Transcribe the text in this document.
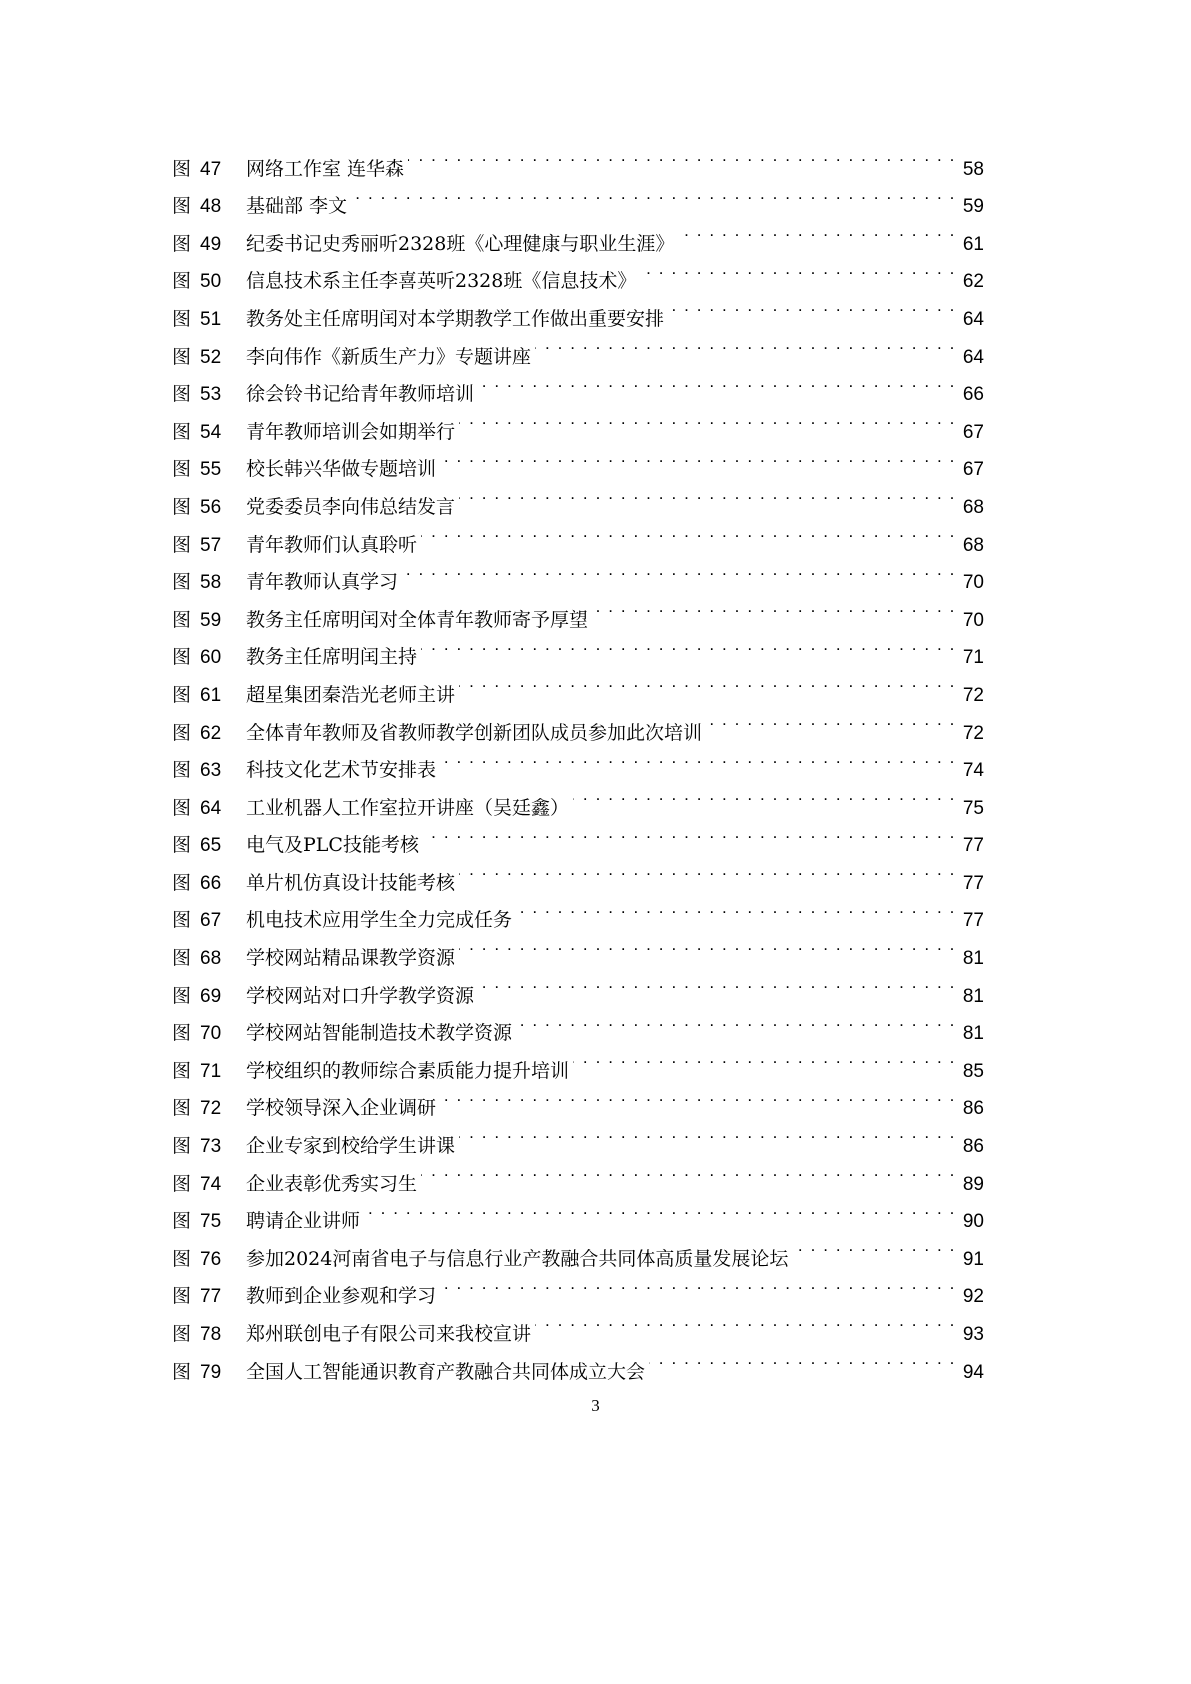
图 47	网络工作室 连华森 . . .	58
图 48	基础部 李文 . . .	59
图 49	纪委书记史秀丽听2328班《心理健康与职业生涯》 . . .	61
图 50	信息技术系主任李喜英听2328班《信息技术》 . . .	62
图 51	教务处主任席明闰对本学期教学工作做出重要安排 . . .	64
图 52	李向伟作《新质生产力》专题讲座 . . .	64
图 53	徐会铃书记给青年教师培训 . . .	66
图 54	青年教师培训会如期举行 . . .	67
图 55	校长韩兴华做专题培训 . . .	67
图 56	党委委员李向伟总结发言 . . .	68
图 57	青年教师们认真聆听 . . .	68
图 58	青年教师认真学习 . . .	70
图 59	教务主任席明闰对全体青年教师寄予厚望 . . .	70
图 60	教务主任席明闰主持 . . .	71
图 61	超星集团秦浩光老师主讲 . . .	72
图 62	全体青年教师及省教师教学创新团队成员参加此次培训 . . .	72
图 63	科技文化艺术节安排表 . . .	74
图 64	工业机器人工作室拉开讲座（吴廷鑫） . . .	75
图 65	电气及PLC技能考核 . . .	77
图 66	单片机仿真设计技能考核 . . .	77
图 67	机电技术应用学生全力完成任务 . . .	77
图 68	学校网站精品课教学资源 . . .	81
图 69	学校网站对口升学教学资源 . . .	81
图 70	学校网站智能制造技术教学资源 . . .	81
图 71	学校组织的教师综合素质能力提升培训 . . .	85
图 72	学校领导深入企业调研 . . .	86
图 73	企业专家到校给学生讲课 . . .	86
图 74	企业表彰优秀实习生 . . .	89
图 75	聘请企业讲师 . . .	90
图 76	参加2024河南省电子与信息行业产教融合共同体高质量发展论坛 . . .	91
图 77	教师到企业参观和学习 . . .	92
图 78	郑州联创电子有限公司来我校宣讲 . . .	93
图 79	全国人工智能通识教育产教融合共同体成立大会 . . .	94
3
